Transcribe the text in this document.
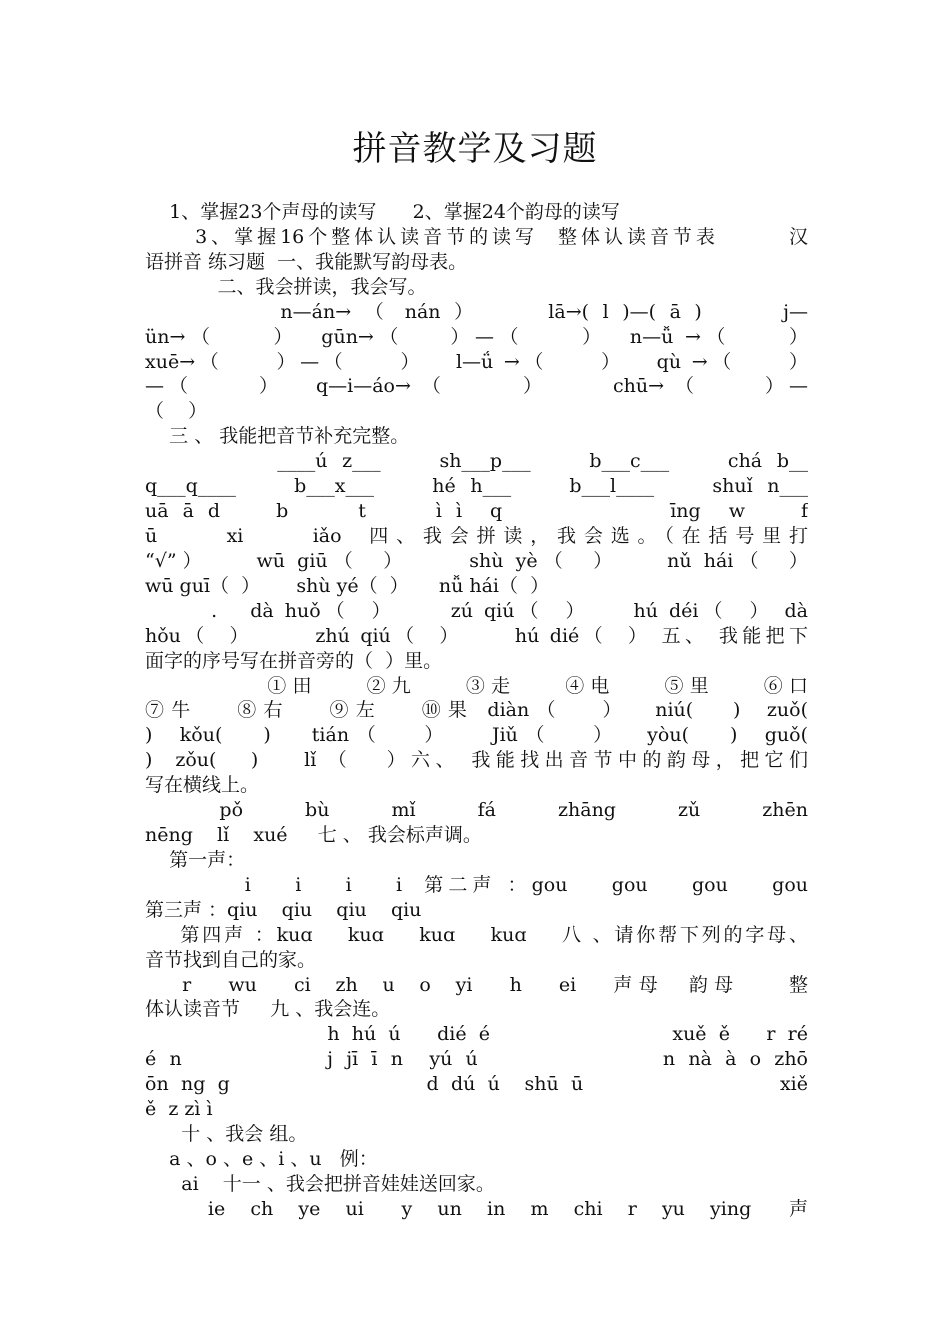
拼音教学及习题
1、掌握23个声母的读写      2、掌握24个韵母的读写
3、掌握16个整体认读音节的读写  整体认读音节表       汉
语拼音 练习题  一、我能默写韵母表。
二、我会拼读，我会写。
n—án→ （ nán ）     lā→( l )—( ā )      j—
ün→（     ）  gūn→（    ）—（     ）  n—ǚ →（     ）
xuē→（     ）—（     ）   l—ǘ →（     ）   qù →（     ）
—（      ）   q—i—áo→ （       ）      chū→ （      ）—
（    ）
三 、 我能把音节补充完整。
____ú z___    sh___p___    b___c___    chá b__
q___q____    b___x___    hé h___    b___l____    shuǐ n___
uā ā d    b     t     ì ì  q            īng  w    f
ū     xi     iǎo  四、我会拼读，我会选。（在括号里打
“√”）    wū giū（  ）     shù yè（  ）    nǔ hái（  ）
wū guī（  ）      shù yé（  ）     nǚ hái（  ）
.   dà huǒ（  ）     zú qiú（  ）    hú déi（  ） dà
hǒu（  ）      zhú qiú（  ）     hú dié（  ） 五、 我能把下
面字的序号写在拼音旁的（  ）里。
①田    ②九    ③走    ④电    ⑤里    ⑥口
⑦牛   ⑧右   ⑨左   ⑩果 diàn（   ）  niú(   )  zuǒ(
)  kǒu(   )   tián（   ）   Jiǔ（   ）  yòu(   )  guǒ(
)  zǒu(   )    lǐ （   ）六、 我能找出音节中的韵母，把它们
写在横线上。
pǒ     bù     mǐ     fá     zhāng     zǔ     zhēn
nēng    lǐ    xué     七 、 我会标声调。
第一声：
i    i    i    i  第二声 ：gou    gou    gou    gou
第三声 ：qiu    qiu    qiu    qiu
第四声 ：kuɑ    kuɑ    kuɑ    kuɑ    八 、请你帮下列的字母、
音节找到自己的家。
r   wu   ci  zh  u  o  yi   h   ei   声母  韵母    整
体认读音节     九 、我会连。
h hú ú   dié é               xuě ě   r ré
é n           j jī ī n  yú ú              n nà à o zhō
ōn ng g                d dú ú  shū ū                xiě
ě  z zì ì
十 、我会 组。
a 、o 、e 、i 、u   例：
ai    十一 、我会把拼音娃娃送回家。
ie  ch  ye  ui   y  un  in  m  chi  r  yu  ying   声
